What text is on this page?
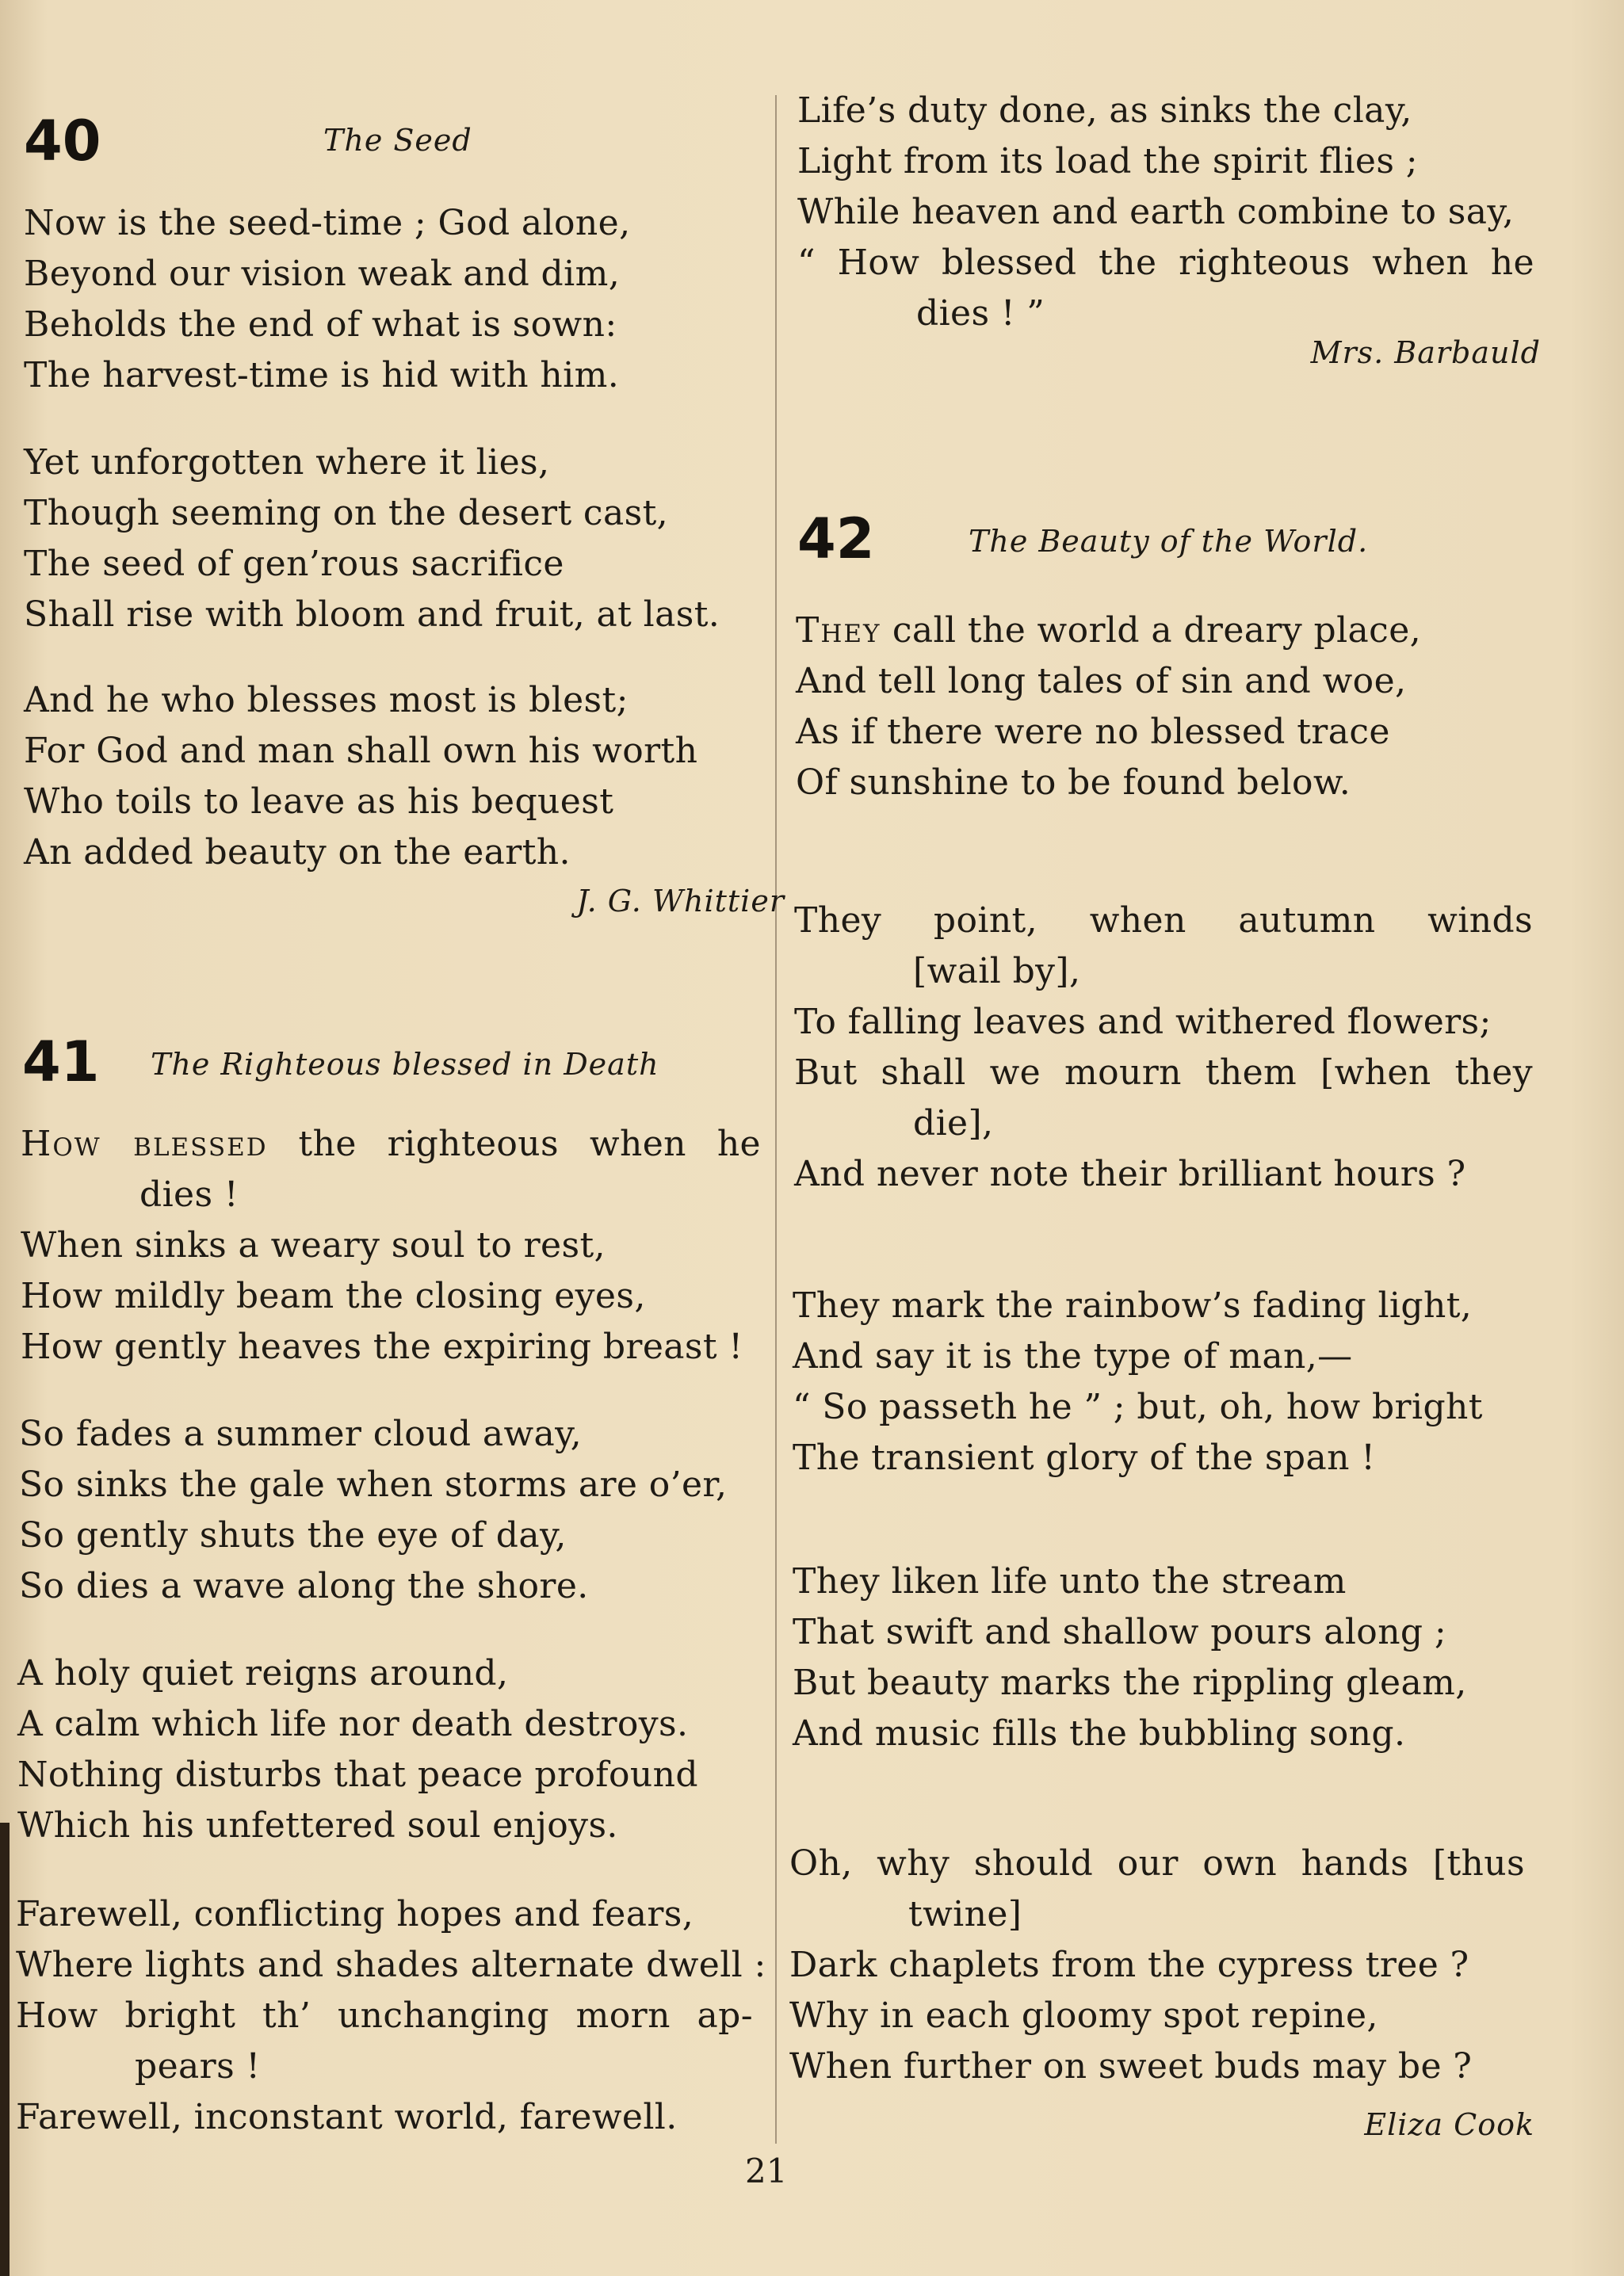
40	The Seed
Now is the seed-time ; God alone,
Beyond our vision weak and dim,
Beholds the end of what is sown:
The harvest-time is hid with him.
Yet unforgotten where it lies,
Though seeming on the desert cast,
The seed of gen’rous sacrifice
Shall rise with bloom and fruit, at last.
And he who blesses most is blest;
For God and man shall own his worth
Who toils to leave as his bequest
An added beauty on the earth.
J. G. Whittier
41 The Righteous blessed in Death
How blessed the righteous when he
dies !
When sinks a weary soul to rest,
How mildly beam the closing eyes,
How gently heaves the expiring breast !
So fades a summer cloud away,
So sinks the gale when storms are o’er,
So gently shuts the eye of day,
So dies a wave along the shore.
A holy quiet reigns around,
A calm which life nor death destroys.
Nothing disturbs that peace profound
Which his unfettered soul enjoys.
Farewell, conflicting hopes and fears,
Where lights and shades alternate dwell :
How bright th’ unchanging morn ap-
pears !
Farewell, inconstant world, farewell.
Life’s duty done, as sinks the clay,
Light from its load the spirit flies ;
While heaven and earth combine to say,
“ How blessed the righteous when he
dies ! ”
Mrs. Barbauld
42	The Beauty of the World.
They call the world a dreary place,
And tell long tales of sin and woe,
As if there were no blessed trace
Of sunshine to be found below.
They point, when autumn winds
[wail by],
To falling leaves and withered flowers;
But shall we mourn them [when they
die],
And never note their brilliant hours ?
They mark the rainbow’s fading light,
And say it is the type of man,—
“ So passeth he ” ; but, oh, how bright
The transient glory of the span !
They liken life unto the stream
That swift and shallow pours along ;
But beauty marks the rippling gleam,
And music fills the bubbling song.
Oh, why should our own hands [thus
twine]
Dark chaplets from the cypress tree ?
Why in each gloomy spot repine,
When further on sweet buds may be ?
Eliza Cook
21
